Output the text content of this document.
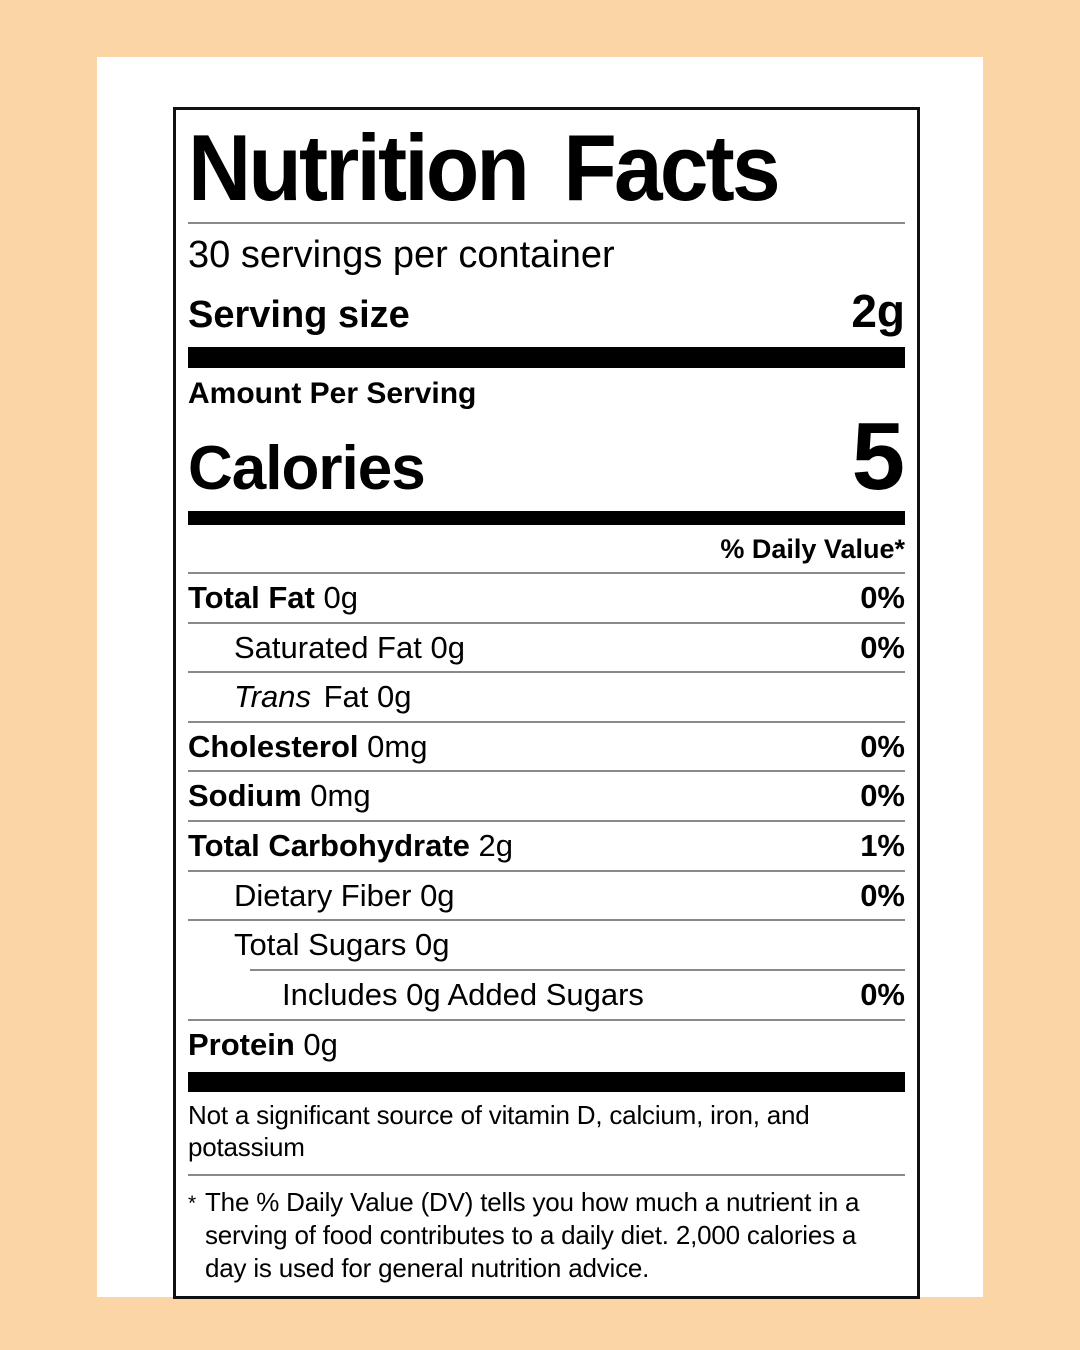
Nutrition Facts
30 servings per container
Serving size	2g
Amount Per Serving
Calories	5
% Daily Value*
Total Fat 0g	0%
Saturated Fat 0g	0%
Trans Fat 0g
Cholesterol 0mg	0%
Sodium 0mg	0%
Total Carbohydrate 2g	1%
Dietary Fiber 0g	0%
Total Sugars 0g
Includes 0g Added Sugars	0%
Protein 0g
Not a significant source of vitamin D, calcium, iron, and potassium
* The % Daily Value (DV) tells you how much a nutrient in a serving of food contributes to a daily diet. 2,000 calories a day is used for general nutrition advice.
